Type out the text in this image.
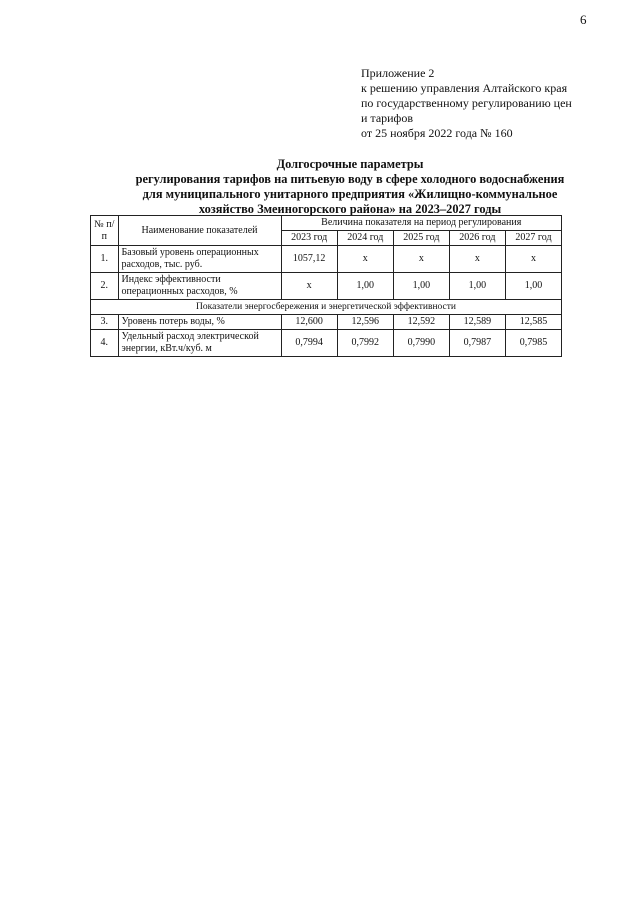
6
Приложение 2
к решению управления Алтайского края
по государственному регулированию цен
и тарифов
от 25 ноября 2022 года № 160
Долгосрочные параметры
регулирования тарифов на питьевую воду в сфере холодного водоснабжения
для муниципального унитарного предприятия «Жилищно-коммунальное
хозяйство Змеиногорского района» на 2023–2027 годы
№ п/п	Наименование показателей	Величина показателя на период регулирования				
		2023 год	2024 год	2025 год	2026 год	2027 год
1.	Базовый уровень операционных расходов, тыс. руб.	1057,12	x	x	x	x
2.	Индекс эффективности операционных расходов, %	x	1,00	1,00	1,00	1,00
Показатели энергосбережения и энергетической эффективности						
3.	Уровень потерь воды, %	12,600	12,596	12,592	12,589	12,585
4.	Удельный расход электрической энергии, кВт.ч/куб. м	0,7994	0,7992	0,7990	0,7987	0,7985
